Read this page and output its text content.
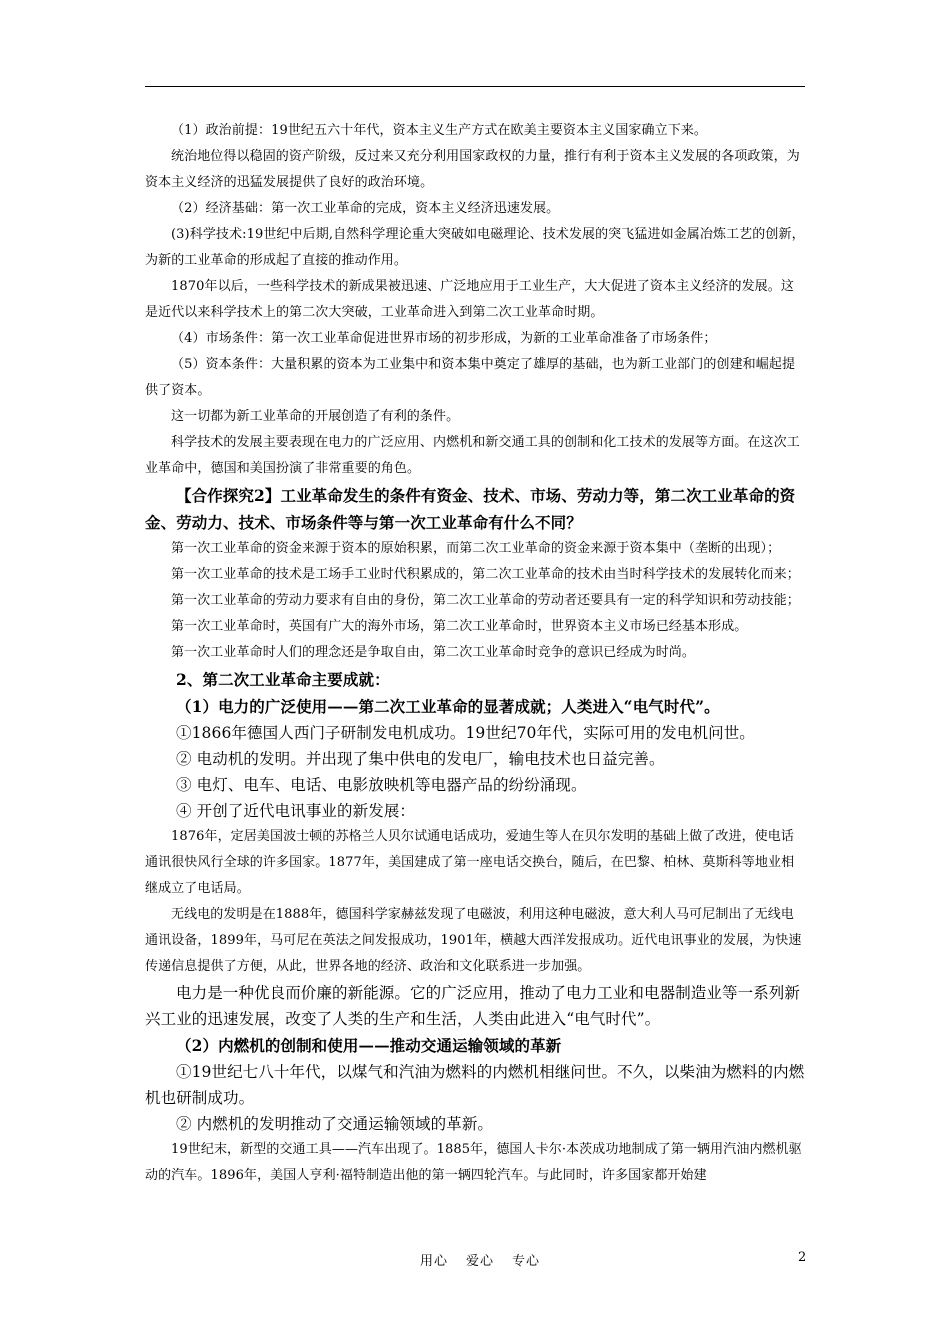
（1）政治前提：19世纪五六十年代，资本主义生产方式在欧美主要资本主义国家确立下来。

统治地位得以稳固的资产阶级，反过来又充分利用国家政权的力量，推行有利于资本主义发展的各项政策，为资本主义经济的迅猛发展提供了良好的政治环境。

（2）经济基础：第一次工业革命的完成，资本主义经济迅速发展。

(3)科学技术:19世纪中后期,自然科学理论重大突破如电磁理论、技术发展的突飞猛进如金属冶炼工艺的创新，为新的工业革命的形成起了直接的推动作用。

1870年以后，一些科学技术的新成果被迅速、广泛地应用于工业生产，大大促进了资本主义经济的发展。这是近代以来科学技术上的第二次大突破，工业革命进入到第二次工业革命时期。

（4）市场条件：第一次工业革命促进世界市场的初步形成，为新的工业革命准备了市场条件；

（5）资本条件：大量积累的资本为工业集中和资本集中奠定了雄厚的基础，也为新工业部门的创建和崛起提供了资本。

这一切都为新工业革命的开展创造了有利的条件。

科学技术的发展主要表现在电力的广泛应用、内燃机和新交通工具的创制和化工技术的发展等方面。在这次工业革命中，德国和美国扮演了非常重要的角色。

【合作探究2】工业革命发生的条件有资金、技术、市场、劳动力等，第二次工业革命的资金、劳动力、技术、市场条件等与第一次工业革命有什么不同？

第一次工业革命的资金来源于资本的原始积累，而第二次工业革命的资金来源于资本集中（垄断的出现）；

第一次工业革命的技术是工场手工业时代积累成的，第二次工业革命的技术由当时科学技术的发展转化而来；

第一次工业革命的劳动力要求有自由的身份，第二次工业革命的劳动者还要具有一定的科学知识和劳动技能；

第一次工业革命时，英国有广大的海外市场，第二次工业革命时，世界资本主义市场已经基本形成。

第一次工业革命时人们的理念还是争取自由，第二次工业革命时竞争的意识已经成为时尚。

2、第二次工业革命主要成就：

（1）电力的广泛使用——第二次工业革命的显著成就；人类进入“电气时代”。

①1866年德国人西门子研制发电机成功。19世纪70年代，实际可用的发电机问世。

② 电动机的发明。并出现了集中供电的发电厂，输电技术也日益完善。

③ 电灯、电车、电话、电影放映机等电器产品的纷纷涌现。

④ 开创了近代电讯事业的新发展：

1876年，定居美国波士顿的苏格兰人贝尔试通电话成功，爱迪生等人在贝尔发明的基础上做了改进，使电话通讯很快风行全球的许多国家。1877年，美国建成了第一座电话交换台，随后，在巴黎、柏林、莫斯科等地业相继成立了电话局。

无线电的发明是在1888年，德国科学家赫兹发现了电磁波，利用这种电磁波，意大利人马可尼制出了无线电通讯设备，1899年，马可尼在英法之间发报成功，1901年，横越大西洋发报成功。近代电讯事业的发展，为快速传递信息提供了方便，从此，世界各地的经济、政治和文化联系进一步加强。

电力是一种优良而价廉的新能源。它的广泛应用，推动了电力工业和电器制造业等一系列新兴工业的迅速发展，改变了人类的生产和生活，人类由此进入“电气时代”。

（2）内燃机的创制和使用——推动交通运输领域的革新

①19世纪七八十年代，以煤气和汽油为燃料的内燃机相继问世。不久，以柴油为燃料的内燃机也研制成功。

② 内燃机的发明推动了交通运输领域的革新。

19世纪末，新型的交通工具——汽车出现了。1885年，德国人卡尔·本茨成功地制成了第一辆用汽油内燃机驱动的汽车。1896年，美国人亨利·福特制造出他的第一辆四轮汽车。与此同时，许多国家都开始建

用心 爱心 专心	2
